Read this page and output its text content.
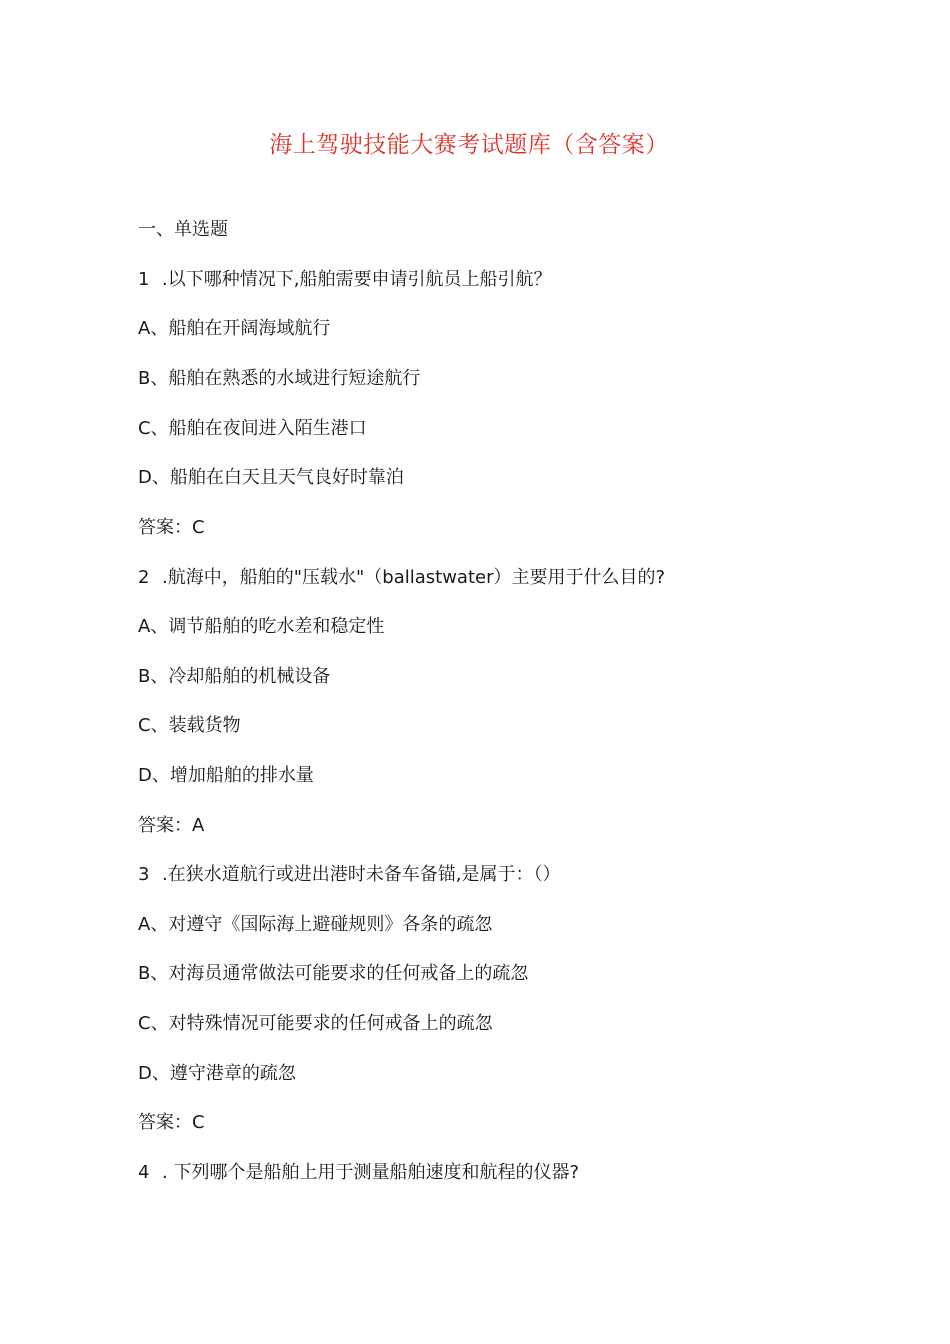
海上驾驶技能大赛考试题库（含答案）

一、单选题

1 .以下哪种情况下,船舶需要申请引航员上船引航？

A、船舶在开阔海域航行

B、船舶在熟悉的水域进行短途航行

C、船舶在夜间进入陌生港口

D、船舶在白天且天气良好时靠泊

答案：C

2 .航海中，船舶的"压载水"（ballastwater）主要用于什么目的?

A、调节船舶的吃水差和稳定性

B、冷却船舶的机械设备

C、装载货物

D、增加船舶的排水量

答案：A

3 .在狭水道航行或进出港时未备车备锚,是属于：（）

A、对遵守《国际海上避碰规则》各条的疏忽

B、对海员通常做法可能要求的任何戒备上的疏忽

C、对特殊情况可能要求的任何戒备上的疏忽

D、遵守港章的疏忽

答案：C

4 . 下列哪个是船舶上用于测量船舶速度和航程的仪器?
